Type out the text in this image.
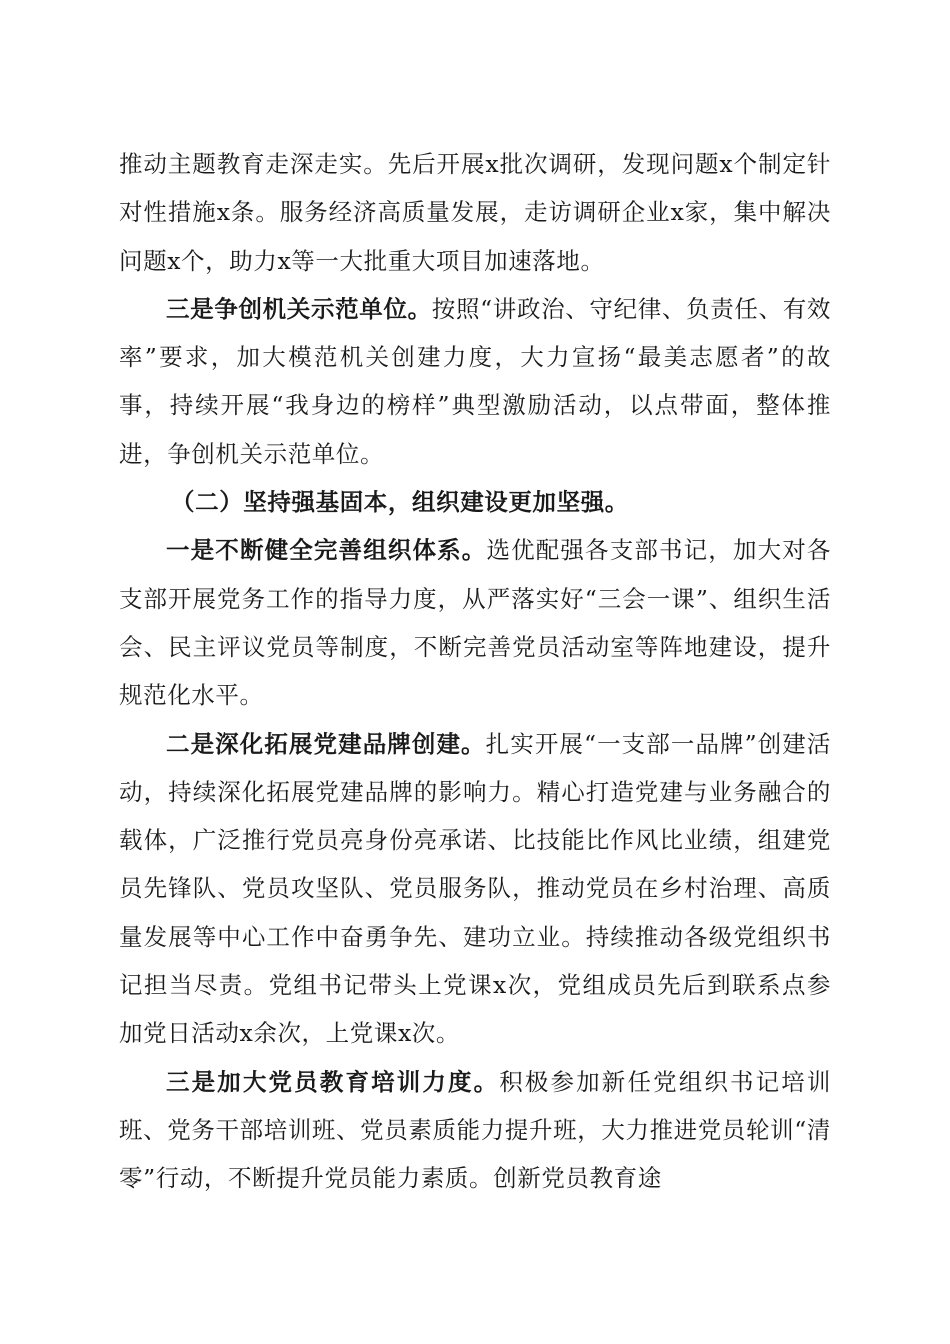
推动主题教育走深走实。先后开展x批次调研，发现问题x个制定针对性措施x条。服务经济高质量发展，走访调研企业x家，集中解决问题x个，助力x等一大批重大项目加速落地。

三是争创机关示范单位。按照“讲政治、守纪律、负责任、有效率”要求，加大模范机关创建力度，大力宣扬“最美志愿者”的故事，持续开展“我身边的榜样”典型激励活动，以点带面，整体推进，争创机关示范单位。

（二）坚持强基固本，组织建设更加坚强。

一是不断健全完善组织体系。选优配强各支部书记，加大对各支部开展党务工作的指导力度，从严落实好“三会一课”、组织生活会、民主评议党员等制度，不断完善党员活动室等阵地建设，提升规范化水平。

二是深化拓展党建品牌创建。扎实开展“一支部一品牌”创建活动，持续深化拓展党建品牌的影响力。精心打造党建与业务融合的载体，广泛推行党员亮身份亮承诺、比技能比作风比业绩，组建党员先锋队、党员攻坚队、党员服务队，推动党员在乡村治理、高质量发展等中心工作中奋勇争先、建功立业。持续推动各级党组织书记担当尽责。党组书记带头上党课x次，党组成员先后到联系点参加党日活动x余次，上党课x次。

三是加大党员教育培训力度。积极参加新任党组织书记培训班、党务干部培训班、党员素质能力提升班，大力推进党员轮训“清零”行动，不断提升党员能力素质。创新党员教育途
